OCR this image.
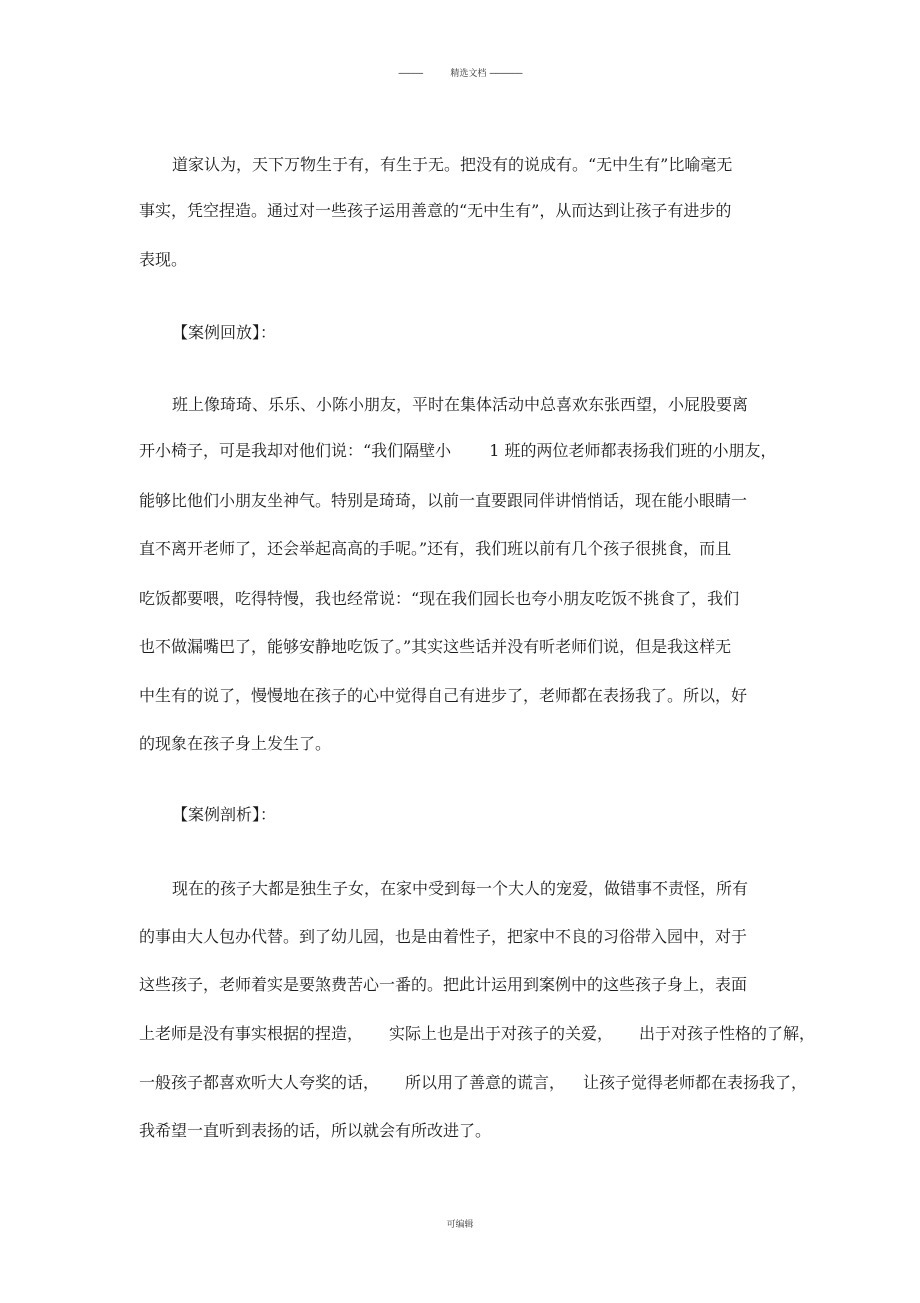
------------	精选文档 ----------------
道家认为，天下万物生于有，有生于无。把没有的说成有。“无中生有”比喻毫无
事实，凭空捏造。通过对一些孩子运用善意的“无中生有”，从而达到让孩子有进步的
表现。
【案例回放】：
班上像琦琦、乐乐、小陈小朋友，平时在集体活动中总喜欢东张西望，小屁股要离
开小椅子，可是我却对他们说：“我们隔壁小 1 班的两位老师都表扬我们班的小朋友，
能够比他们小朋友坐神气。特别是琦琦，以前一直要跟同伴讲悄悄话，现在能小眼睛一
直不离开老师了，还会举起高高的手呢。”还有，我们班以前有几个孩子很挑食，而且
吃饭都要喂，吃得特慢，我也经常说：“现在我们园长也夸小朋友吃饭不挑食了，我们
也不做漏嘴巴了，能够安静地吃饭了。”其实这些话并没有听老师们说，但是我这样无
中生有的说了，慢慢地在孩子的心中觉得自己有进步了，老师都在表扬我了。所以，好
的现象在孩子身上发生了。
【案例剖析】：
现在的孩子大都是独生子女，在家中受到每一个大人的宠爱，做错事不责怪，所有
的事由大人包办代替。到了幼儿园，也是由着性子，把家中不良的习俗带入园中，对于
这些孩子，老师着实是要煞费苦心一番的。把此计运用到案例中的这些孩子身上，表面
上老师是没有事实根据的捏造， 实际上也是出于对孩子的关爱， 出于对孩子性格的了解，
一般孩子都喜欢听大人夸奖的话， 所以用了善意的谎言， 让孩子觉得老师都在表扬我了，
我希望一直听到表扬的话，所以就会有所改进了。
可编辑
